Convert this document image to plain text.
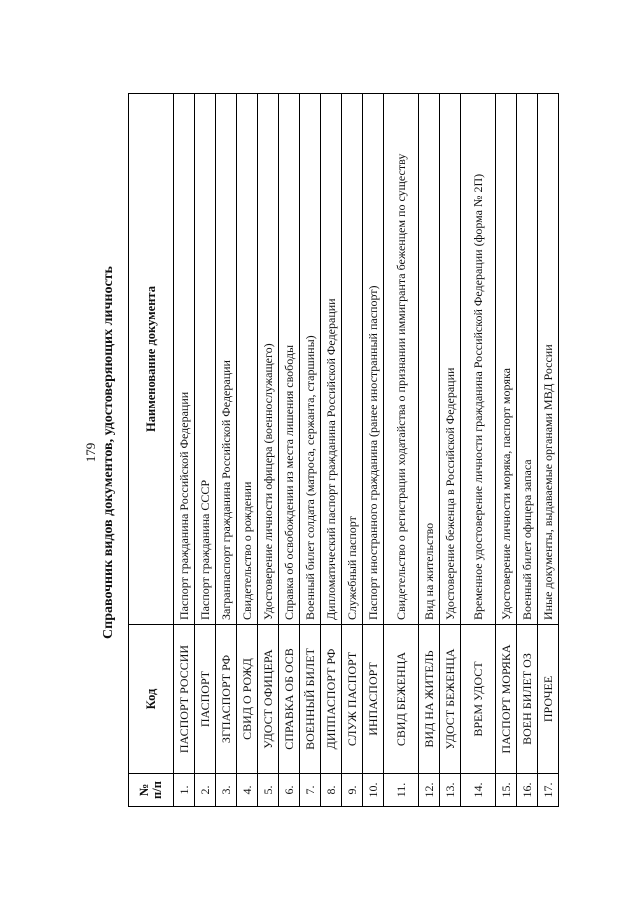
179 Справочник видов документов, удостоверяющих личность
№ п/п	Код	Наименование документа
1.	ПАСПОРТ РОССИИ	Паспорт гражданина Российской Федерации
2.	ПАСПОРТ	Паспорт гражданина СССР
3.	ЗГПАСПОРТ РФ	Загранпаспорт гражданина Российской Федерации
4.	СВИД О РОЖД	Свидетельство о рождении
5.	УДОСТ ОФИЦЕРА	Удостоверение личности офицера (военнослужащего)
6.	СПРАВКА ОБ ОСВ	Справка об освобождении из места лишения свободы
7.	ВОЕННЫЙ БИЛЕТ	Военный билет солдата (матроса, сержанта, старшины)
8.	ДИППАСПОРТ РФ	Дипломатический паспорт гражданина Российской Федерации
9.	СЛУЖ ПАСПОРТ	Служебный паспорт
10.	ИНПАСПОРТ	Паспорт иностранного гражданина (ранее иностранный паспорт)
11.	СВИД БЕЖЕНЦА	Свидетельство о регистрации ходатайства о признании иммигранта беженцем по существу
12.	ВИД НА ЖИТЕЛЬ	Вид на жительство
13.	УДОСТ БЕЖЕНЦА	Удостоверение беженца в Российской Федерации
14.	ВРЕМ УДОСТ	Временное удостоверение личности гражданина Российской Федерации (форма № 2П)
15.	ПАСПОРТ МОРЯКА	Удостоверение личности моряка, паспорт моряка
16.	ВОЕН БИЛЕТ ОЗ	Военный билет офицера запаса
17.	ПРОЧЕЕ	Иные документы, выдаваемые органами МВД России
